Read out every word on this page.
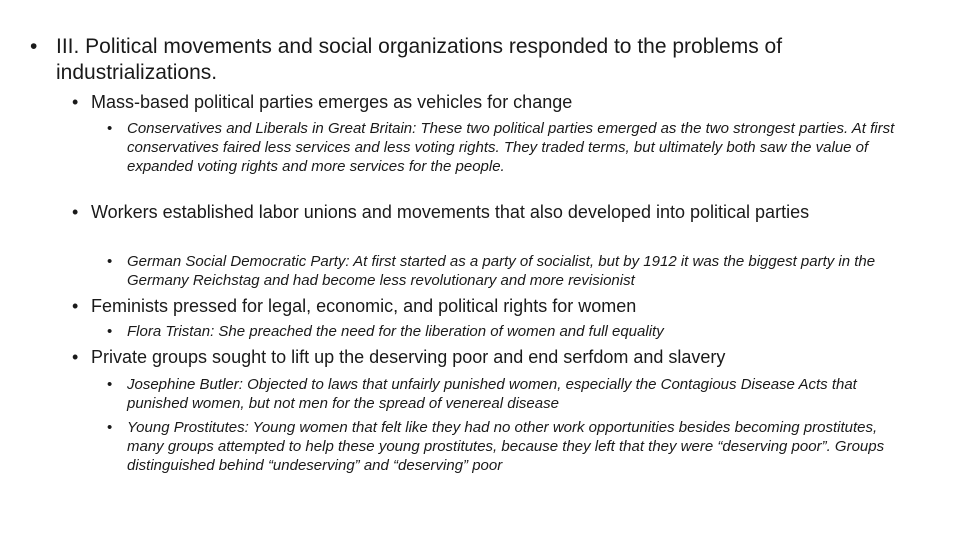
• III. Political movements and social organizations responded to the problems of industrializations.
• Mass-based political parties emerges as vehicles for change
• Conservatives and Liberals in Great Britain: These two political parties emerged as the two strongest parties. At first conservatives faired less services and less voting rights. They traded terms, but ultimately both saw the value of expanded voting rights and more services for the people.
• Workers established labor unions and movements that also developed into political parties
• German Social Democratic Party: At first started as a party of socialist, but by 1912 it was the biggest party in the Germany Reichstag and had become less revolutionary and more revisionist
• Feminists pressed for legal, economic, and political rights for women
• Flora Tristan: She preached the need for the liberation of women and full equality
• Private groups sought to lift up the deserving poor and end serfdom and slavery
• Josephine Butler: Objected to laws that unfairly punished women, especially the Contagious Disease Acts that punished women, but not men for the spread of venereal disease
• Young Prostitutes: Young women that felt like they had no other work opportunities besides becoming prostitutes, many groups attempted to help these young prostitutes, because they left that they were “deserving poor”. Groups distinguished behind “undeserving” and “deserving” poor
